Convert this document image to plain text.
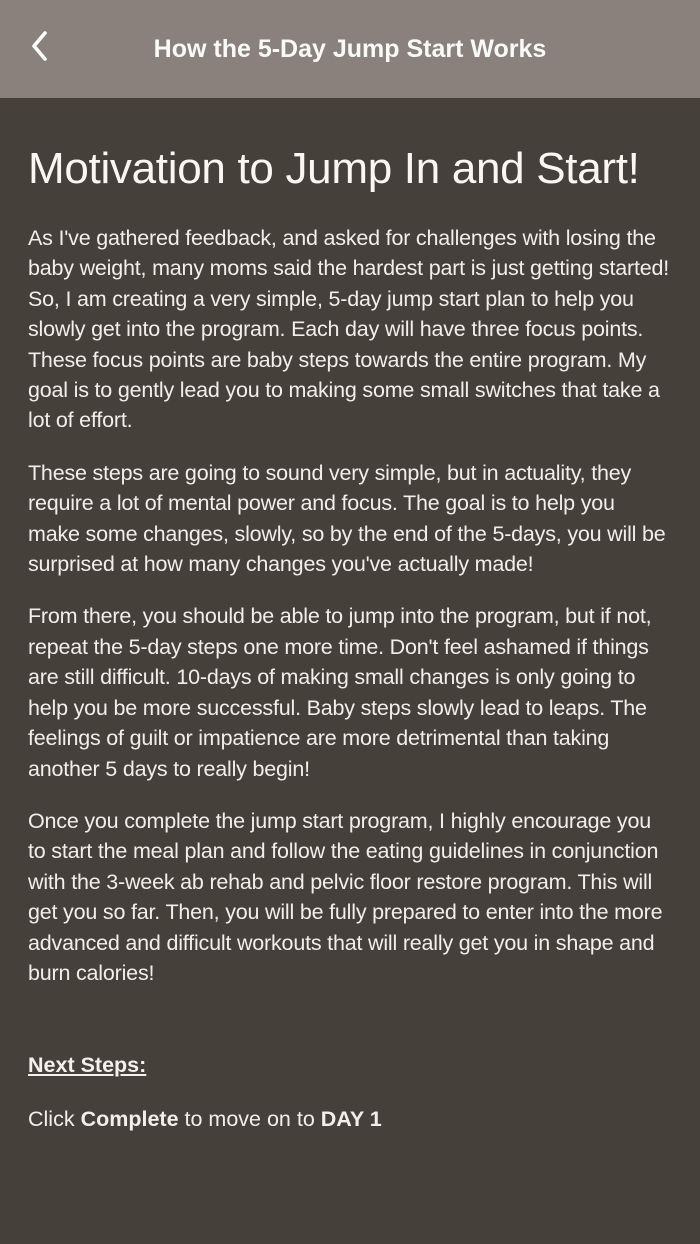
How the 5-Day Jump Start Works
Motivation to Jump In and Start!

As I've gathered feedback, and asked for challenges with losing the baby weight, many moms said the hardest part is just getting started! So, I am creating a very simple, 5-day jump start plan to help you slowly get into the program. Each day will have three focus points. These focus points are baby steps towards the entire program. My goal is to gently lead you to making some small switches that take a lot of effort.

These steps are going to sound very simple, but in actuality, they require a lot of mental power and focus. The goal is to help you make some changes, slowly, so by the end of the 5-days, you will be surprised at how many changes you've actually made!

From there, you should be able to jump into the program, but if not, repeat the 5-day steps one more time. Don't feel ashamed if things are still difficult. 10-days of making small changes is only going to help you be more successful. Baby steps slowly lead to leaps. The feelings of guilt or impatience are more detrimental than taking another 5 days to really begin!

Once you complete the jump start program, I highly encourage you to start the meal plan and follow the eating guidelines in conjunction with the 3-week ab rehab and pelvic floor restore program. This will get you so far. Then, you will be fully prepared to enter into the more advanced and difficult workouts that will really get you in shape and burn calories!

Next Steps:
Click Complete to move on to DAY 1
